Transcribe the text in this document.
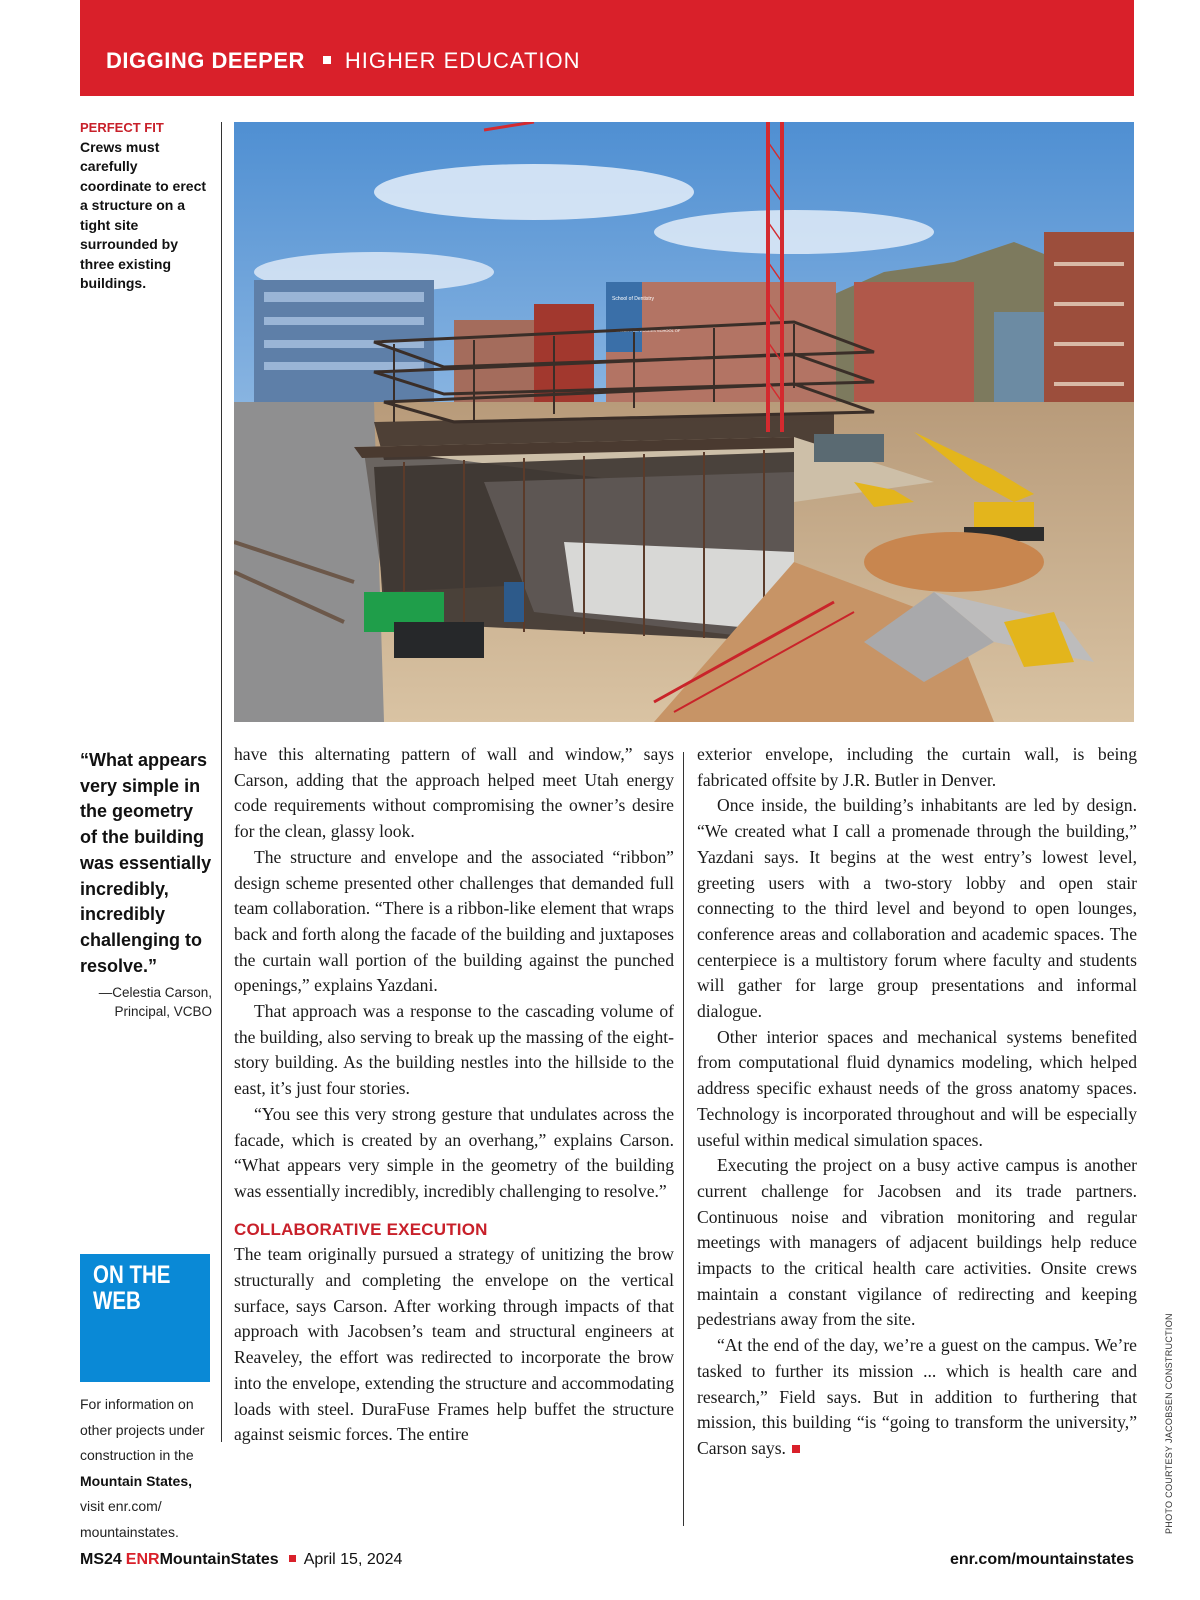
DIGGING DEEPER HIGHER EDUCATION
PERFECT FIT
Crews must carefully coordinate to erect a structure on a tight site surrounded by three existing buildings.
School of Dentistry
SPENCER FOX ECCLES SCHOOL OF
PHOTO COURTESY JACOBSEN CONSTRUCTION
“What appears very simple in the geometry of the building was essentially incredibly, incredibly challenging to resolve.”
—Celestia Carson,
Principal, VCBO
ON THE WEB
For information on other projects under construction in the Mountain States, visit enr.com/ mountainstates.

have this alternating pattern of wall and window,” says Carson, adding that the approach helped meet Utah energy code requirements without compromising the owner’s desire for the clean, glassy look.

The structure and envelope and the associated “ribbon” design scheme presented other challenges that demanded full team collaboration. “There is a ribbon-like element that wraps back and forth along the facade of the building and juxtaposes the curtain wall portion of the building against the punched openings,” explains Yazdani.

That approach was a response to the cascading volume of the building, also serving to break up the massing of the eight-story building. As the building nestles into the hillside to the east, it’s just four stories.

“You see this very strong gesture that undulates across the facade, which is created by an overhang,” explains Carson. “What appears very simple in the geometry of the building was essentially incredibly, incredibly challenging to resolve.”

COLLABORATIVE EXECUTION

The team originally pursued a strategy of unitizing the brow structurally and completing the envelope on the vertical surface, says Carson. After working through impacts of that approach with Jacobsen’s team and structural engineers at Reaveley, the effort was redirected to incorporate the brow into the envelope, extending the structure and accommodating loads with steel. DuraFuse Frames help buffet the structure against seismic forces. The entire

exterior envelope, including the curtain wall, is being fabricated offsite by J.R. Butler in Denver.

Once inside, the building’s inhabitants are led by design. “We created what I call a promenade through the building,” Yazdani says. It begins at the west entry’s lowest level, greeting users with a two-story lobby and open stair connecting to the third level and beyond to open lounges, conference areas and collaboration and academic spaces. The centerpiece is a multistory forum where faculty and students will gather for large group presentations and informal dialogue.

Other interior spaces and mechanical systems benefited from computational fluid dynamics modeling, which helped address specific exhaust needs of the gross anatomy spaces. Technology is incorporated throughout and will be especially useful within medical simulation spaces.

Executing the project on a busy active campus is another current challenge for Jacobsen and its trade partners. Continuous noise and vibration monitoring and regular meetings with managers of adjacent buildings help reduce impacts to the critical health care activities. Onsite crews maintain a constant vigilance of redirecting and keeping pedestrians away from the site.

“At the end of the day, we’re a guest on the campus. We’re tasked to further its mission ... which is health care and research,” Field says. But in addition to furthering that mission, this building “is “going to transform the university,” Carson says.

MS24 ENRMountainStates April 15, 2024	enr.com/mountainstates
